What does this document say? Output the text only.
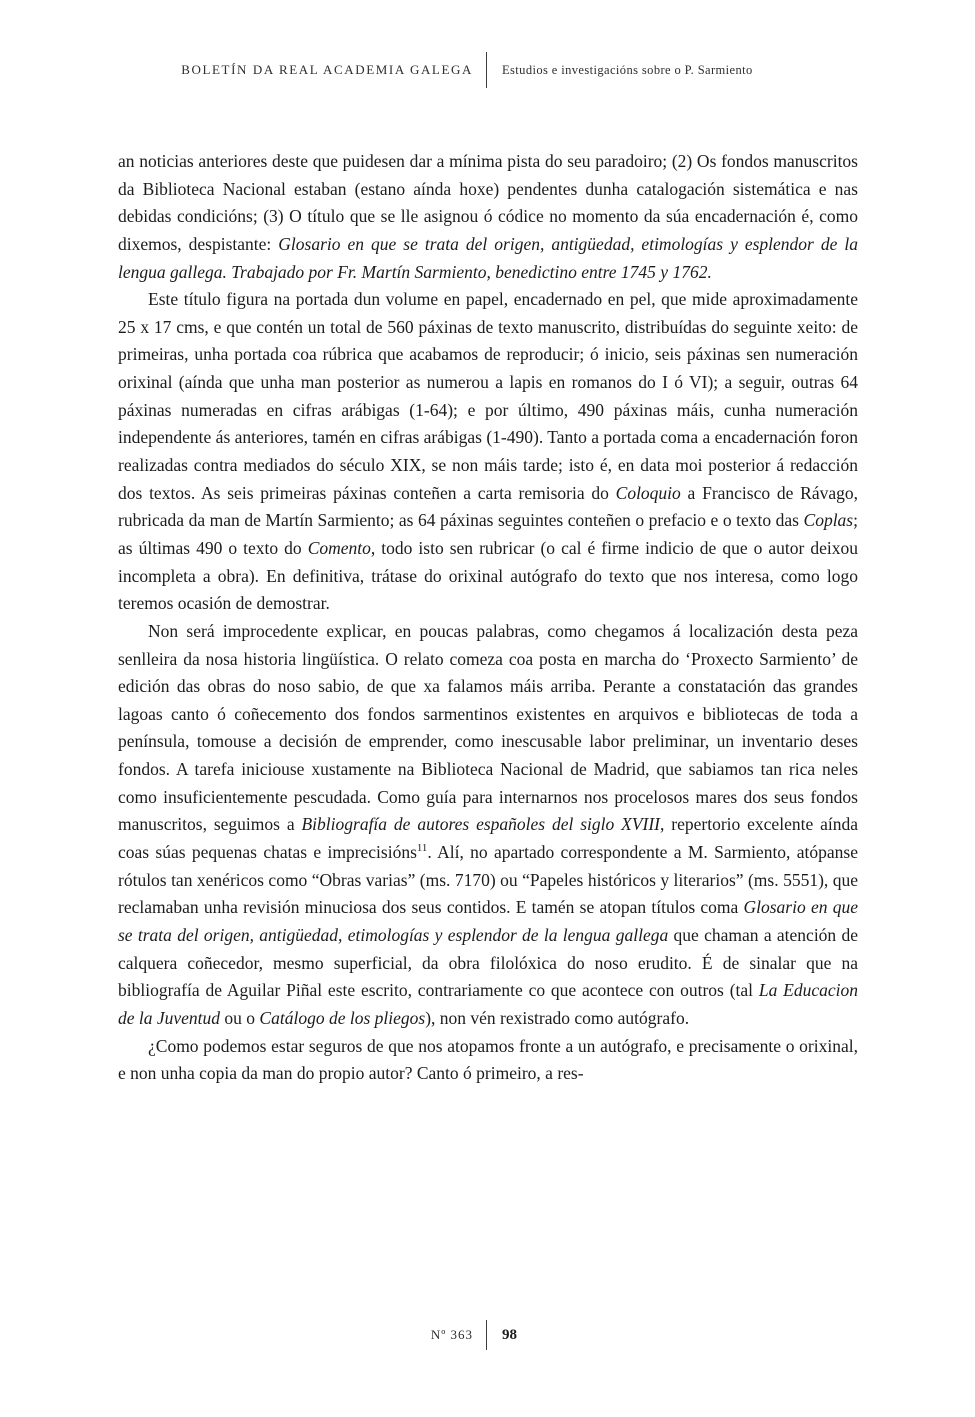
BOLETÍN DA REAL ACADEMIA GALEGA	Estudios e investigacións sobre o P. Sarmiento

an noticias anteriores deste que puidesen dar a mínima pista do seu paradoiro; (2) Os fondos manuscritos da Biblioteca Nacional estaban (estano aínda hoxe) pendentes dunha catalogación sistemática e nas debidas condicións; (3) O título que se lle asignou ó códice no momento da súa encadernación é, como dixemos, despistante: Glosario en que se trata del origen, antigüedad, etimologías y esplendor de la lengua gallega. Trabajado por Fr. Martín Sarmiento, benedictino entre 1745 y 1762.

Este título figura na portada dun volume en papel, encadernado en pel, que mide aproximadamente 25 x 17 cms, e que contén un total de 560 páxinas de texto manuscrito, distribuídas do seguinte xeito: de primeiras, unha portada coa rúbrica que acabamos de reproducir; ó inicio, seis páxinas sen numeración orixinal (aínda que unha man posterior as numerou a lapis en romanos do I ó VI); a seguir, outras 64 páxinas numeradas en cifras arábigas (1-64); e por último, 490 páxinas máis, cunha numeración independente ás anteriores, tamén en cifras arábigas (1-490). Tanto a portada coma a encadernación foron realizadas contra mediados do século XIX, se non máis tarde; isto é, en data moi posterior á redacción dos textos. As seis primeiras páxinas conteñen a carta remisoria do Coloquio a Francisco de Rávago, rubricada da man de Martín Sarmiento; as 64 páxinas seguintes conteñen o prefacio e o texto das Coplas; as últimas 490 o texto do Comento, todo isto sen rubricar (o cal é firme indicio de que o autor deixou incompleta a obra). En definitiva, trátase do orixinal autógrafo do texto que nos interesa, como logo teremos ocasión de demostrar.

Non será improcedente explicar, en poucas palabras, como chegamos á localización desta peza senlleira da nosa historia lingüística. O relato comeza coa posta en marcha do ‘Proxecto Sarmiento’ de edición das obras do noso sabio, de que xa falamos máis arriba. Perante a constatación das grandes lagoas canto ó coñecemento dos fondos sarmentinos existentes en arquivos e bibliotecas de toda a península, tomouse a decisión de emprender, como inescusable labor preliminar, un inventario deses fondos. A tarefa iniciouse xustamente na Biblioteca Nacional de Madrid, que sabiamos tan rica neles como insuficientemente pescudada. Como guía para internarnos nos procelosos mares dos seus fondos manuscritos, seguimos a Bibliografía de autores españoles del siglo XVIII, repertorio excelente aínda coas súas pequenas chatas e imprecisións$^{11}$. Alí, no apartado correspondente a M. Sarmiento, atópanse rótulos tan xenéricos como “Obras varias” (ms. 7170) ou “Papeles históricos y literarios” (ms. 5551), que reclamaban unha revisión minuciosa dos seus contidos. E tamén se atopan títulos coma Glosario en que se trata del origen, antigüedad, etimologías y esplendor de la lengua gallega que chaman a atención de calquera coñecedor, mesmo superficial, da obra filolóxica do noso erudito. É de sinalar que na bibliografía de Aguilar Piñal este escrito, contrariamente co que acontece con outros (tal La Educacion de la Juventud ou o Catálogo de los pliegos), non vén rexistrado como autógrafo.

¿Como podemos estar seguros de que nos atopamos fronte a un autógrafo, e precisamente o orixinal, e non unha copia da man do propio autor? Canto ó primeiro, a res-

Nº 363	98
